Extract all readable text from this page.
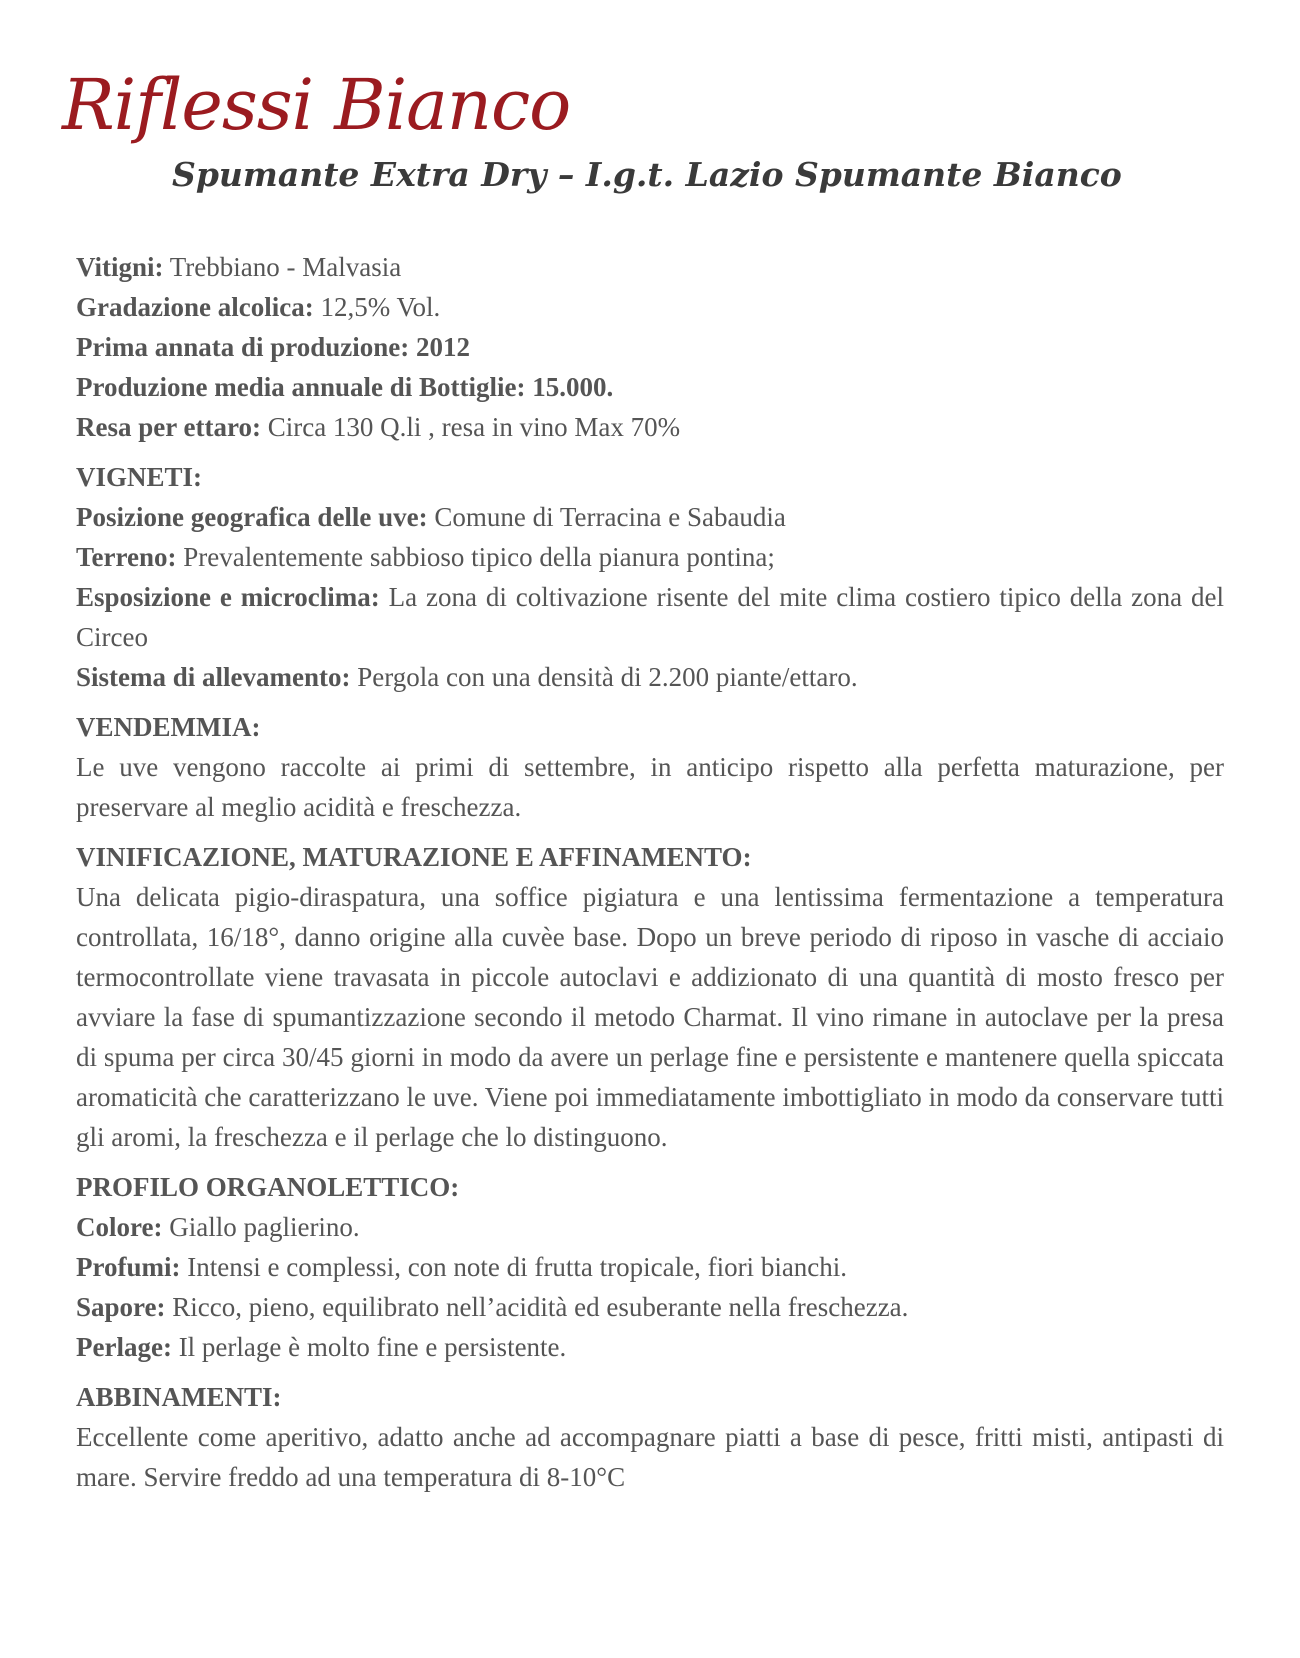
Riflessi Bianco
Spumante Extra Dry – I.g.t. Lazio Spumante Bianco

Vitigni: Trebbiano - Malvasia

Gradazione alcolica: 12,5% Vol.

Prima annata di produzione: 2012

Produzione media annuale di Bottiglie: 15.000.

Resa per ettaro: Circa 130 Q.li , resa in vino Max 70%

VIGNETI:

Posizione geografica delle uve: Comune di Terracina e Sabaudia

Terreno: Prevalentemente sabbioso tipico della pianura pontina;

Esposizione e microclima: La zona di coltivazione risente del mite clima costiero tipico della zona del Circeo

Sistema di allevamento: Pergola con una densità di 2.200 piante/ettaro.

VENDEMMIA:

Le uve vengono raccolte ai primi di settembre, in anticipo rispetto alla perfetta maturazione, per preservare al meglio acidità e freschezza.

VINIFICAZIONE, MATURAZIONE E AFFINAMENTO:

Una delicata pigio-diraspatura, una soffice pigiatura e una lentissima fermentazione a temperatura controllata, 16/18°, danno origine alla cuvèe base. Dopo un breve periodo di riposo in vasche di acciaio termocontrollate viene travasata in piccole autoclavi e addizionato di una quantità di mosto fresco per avviare la fase di spumantizzazione secondo il metodo Charmat. Il vino rimane in autoclave per la presa di spuma per circa 30/45 giorni in modo da avere un perlage fine e persistente e mantenere quella spiccata aromaticità che caratterizzano le uve. Viene poi immediatamente imbottigliato in modo da conservare tutti gli aromi, la freschezza e il perlage che lo distinguono.

PROFILO ORGANOLETTICO:

Colore: Giallo paglierino.

Profumi: Intensi e complessi, con note di frutta tropicale, fiori bianchi.

Sapore: Ricco, pieno, equilibrato nell’acidità ed esuberante nella freschezza.

Perlage: Il perlage è molto fine e persistente.

ABBINAMENTI:

Eccellente come aperitivo, adatto anche ad accompagnare piatti a base di pesce, fritti misti, antipasti di mare. Servire freddo ad una temperatura di 8-10°C
